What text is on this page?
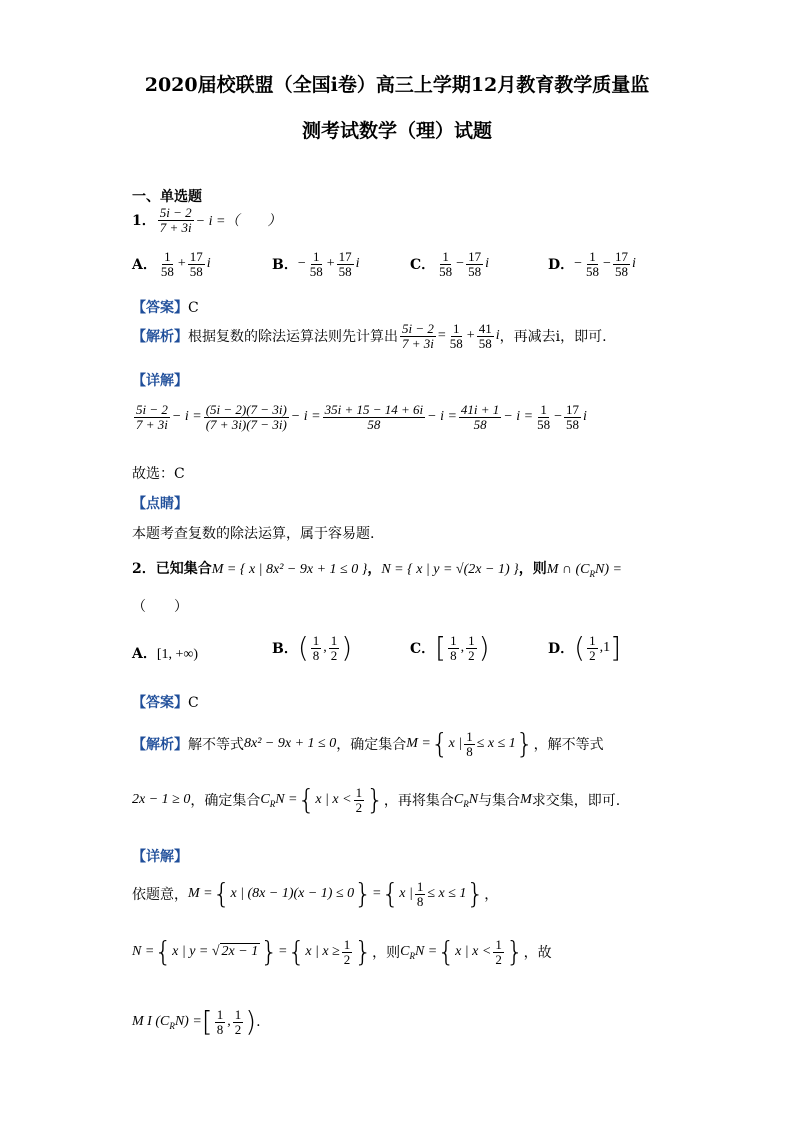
2020届校联盟（全国i卷）高三上学期12月教育教学质量监
测考试数学（理）试题
一、单选题
1． $\frac{5i - 2}{7 + 3i} - i$ =（　　）
A． $\frac{1}{58} + \frac{17}{58}$ i	B．− $\frac{1}{58} + \frac{17}{58}$ i	C． $\frac{1}{58} - \frac{17}{58}$ i	D．− $\frac{1}{58} - \frac{17}{58}$ i
【答案】C
【解析】根据复数的除法运算法则先计算出 $\frac{5i - 2}{7 + 3i} = \frac{1}{58} + \frac{41}{58}$ i，再减去i，即可.
【详解】
$\frac{5i - 2}{7 + 3i} - i = \frac{(5i - 2)(7 - 3i)}{(7 + 3i)(7 - 3i)} - i = \frac{35i + 15 - 14 + 6i}{58} - i = \frac{41i + 1}{58} - i = \frac{1}{58} - \frac{17}{58}$ i
故选：C
【点睛】
本题考查复数的除法运算，属于容易题.
2．已知集合M = { x | 8x² − 9x + 1 ≤ 0 }，N = { x | y = √(2x − 1) }，则M ∩ $(C_RN)$ =
（　　）
A．[1, +∞)	B．( $\frac{1}{8}$ , $\frac{1}{2}$ )	C．[ $\frac{1}{8}$ , $\frac{1}{2}$ )	D．( $\frac{1}{2} ,1$]
【答案】C
【解析】解不等式8x² − 9x + 1 ≤ 0，确定集合M ={x | $\frac{1}{8} \le x \le 1$}，解不等式
2x − 1 ≥ 0，确定集合$C_RN =\{x$ | $x < \frac{1}{2}$ }，再将集合$C_RN$与集合M求交集，即可.
【详解】
依题意，M ={x | (8x − 1)(x − 1) ≤ 0}={x | $\frac{1}{8} \le x \le 1$}，
N ={x | y = √ 2x − 1}={x | $x \ge \frac{1}{2}$ }，则$C_RN =\{x$ | $x < \frac{1}{2}$ }，故
M I $(C_RN)$ =[ $\frac{1}{8}$ , $\frac{1}{2}$ ).
